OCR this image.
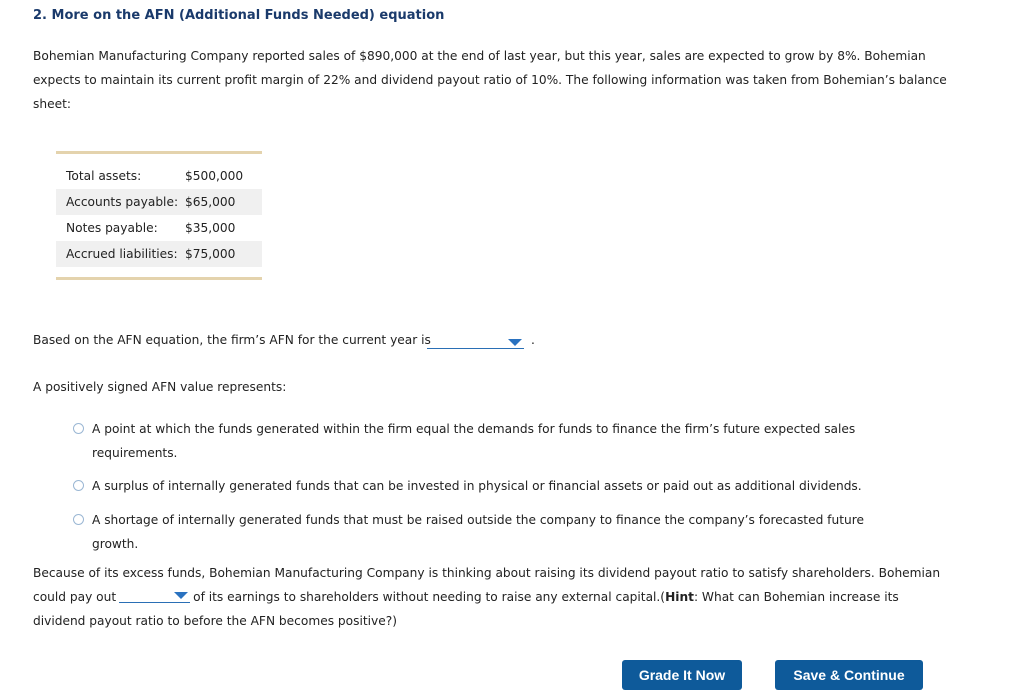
2. More on the AFN (Additional Funds Needed) equation
Bohemian Manufacturing Company reported sales of $890,000 at the end of last year, but this year, sales are expected to grow by 8%. Bohemian expects to maintain its current profit margin of 22% and dividend payout ratio of 10%. The following information was taken from Bohemian’s balance sheet:
Total assets:	$500,000
Accounts payable: $65,000
Notes payable:	$35,000
Accrued liabilities: $75,000
Based on the AFN equation, the firm’s AFN for the current year is	.
A positively signed AFN value represents:
A point at which the funds generated within the firm equal the demands for funds to finance the firm’s future expected sales requirements.
A surplus of internally generated funds that can be invested in physical or financial assets or paid out as additional dividends.
A shortage of internally generated funds that must be raised outside the company to finance the company’s forecasted future growth.
Because of its excess funds, Bohemian Manufacturing Company is thinking about raising its dividend payout ratio to satisfy shareholders. Bohemian could pay out	of its earnings to shareholders without needing to raise any external capital.(Hint: What can Bohemian increase its dividend payout ratio to before the AFN becomes positive?)
Grade It Now	Save & Continue
